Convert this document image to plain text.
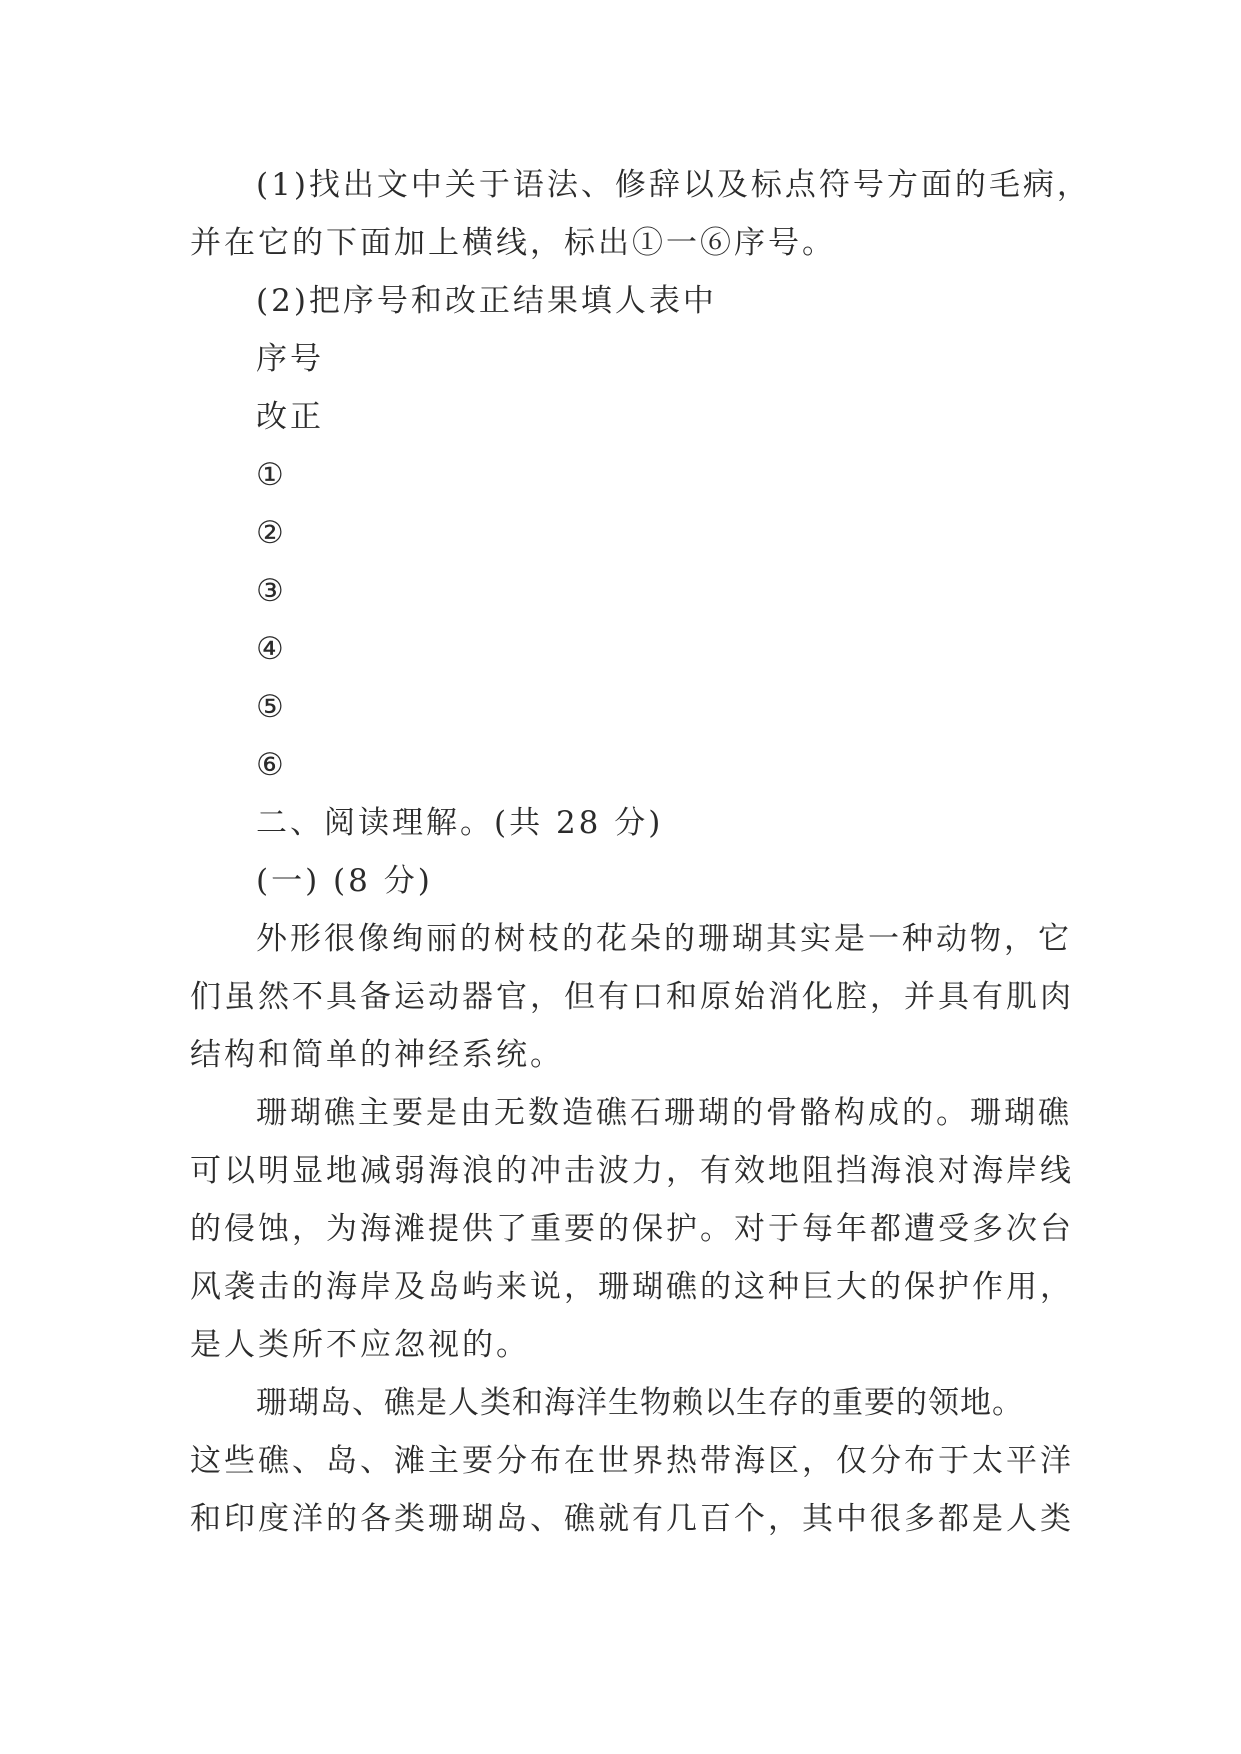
(1)找出文中关于语法、修辞以及标点符号方面的毛病，
并在它的下面加上横线，标出①一⑥序号。
(2)把序号和改正结果填人表中
序号
改正
①
②
③
④
⑤
⑥
二、阅读理解。(共 28 分)
(一) (8 分)
外形很像绚丽的树枝的花朵的珊瑚其实是一种动物，它
们虽然不具备运动器官，但有口和原始消化腔，并具有肌肉
结构和简单的神经系统。
珊瑚礁主要是由无数造礁石珊瑚的骨骼构成的。珊瑚礁
可以明显地减弱海浪的冲击波力，有效地阻挡海浪对海岸线
的侵蚀，为海滩提供了重要的保护。对于每年都遭受多次台
风袭击的海岸及岛屿来说，珊瑚礁的这种巨大的保护作用，
是人类所不应忽视的。
珊瑚岛、礁是人类和海洋生物赖以生存的重要的领地。
这些礁、岛、滩主要分布在世界热带海区，仅分布于太平洋
和印度洋的各类珊瑚岛、礁就有几百个，其中很多都是人类
